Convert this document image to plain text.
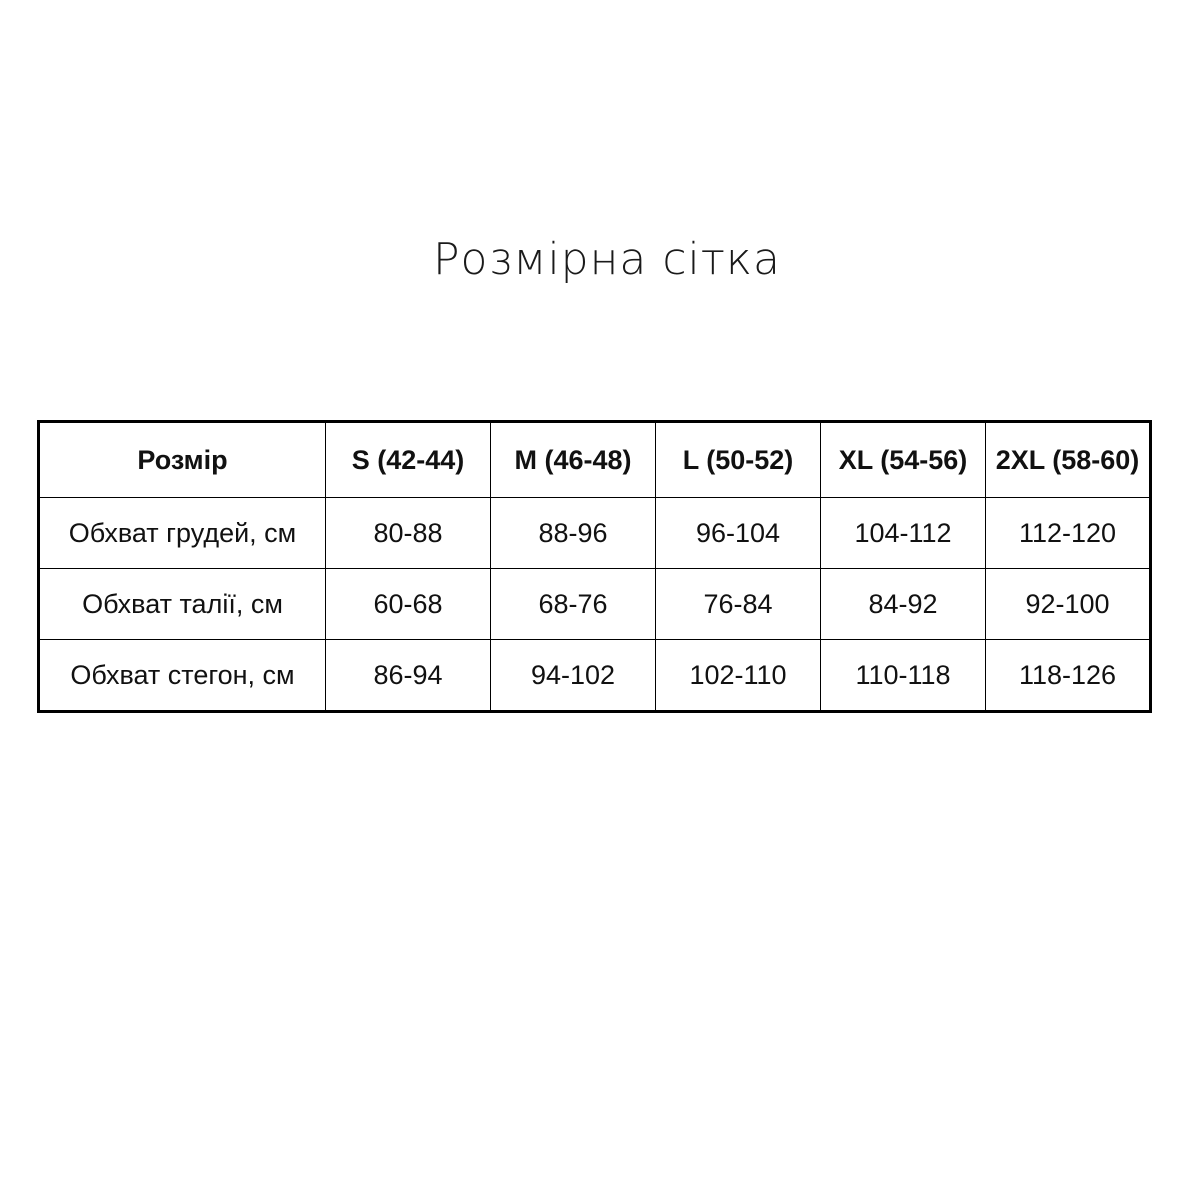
Розмірна сітка
Розмір	S (42-44)	M (46-48)	L (50-52)	XL (54-56)	2XL (58-60)
Обхват грудей, см	80-88	88-96	96-104	104-112	112-120
Обхват талії, см	60-68	68-76	76-84	84-92	92-100
Обхват стегон, см	86-94	94-102	102-110	110-118	118-126
